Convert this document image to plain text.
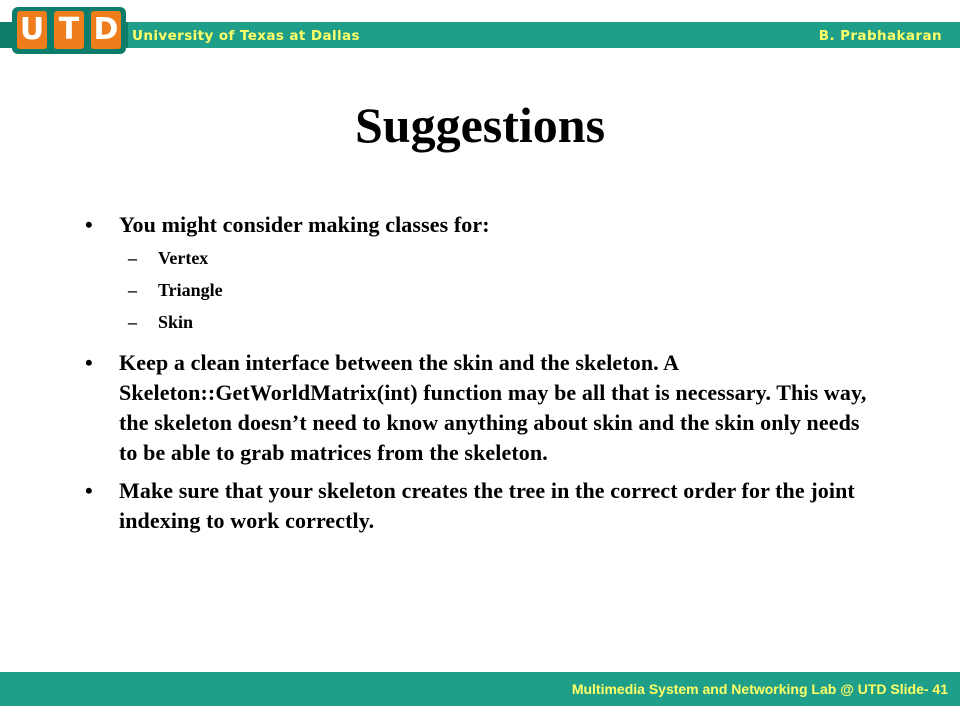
University of Texas at Dallas	B. Prabhakaran
U T D
Suggestions
•	You might consider making classes for:
– Vertex
– Triangle
– Skin
•	Keep a clean interface between the skin and the skeleton. A Skeleton::GetWorldMatrix(int) function may be all that is necessary. This way, the skeleton doesn’t need to know anything about skin and the skin only needs to be able to grab matrices from the skeleton.
•	Make sure that your skeleton creates the tree in the correct order for the joint indexing to work correctly.
Multimedia System and Networking Lab @ UTD Slide- 41
